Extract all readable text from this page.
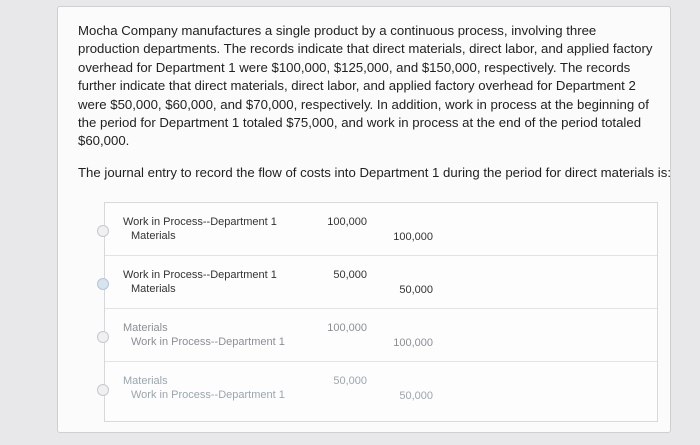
Mocha Company manufactures a single product by a continuous process, involving three production departments. The records indicate that direct materials, direct labor, and applied factory overhead for Department 1 were $100,000, $125,000, and $150,000, respectively. The records further indicate that direct materials, direct labor, and applied factory overhead for Department 2 were $50,000, $60,000, and $70,000, respectively. In addition, work in process at the beginning of the period for Department 1 totaled $75,000, and work in process at the end of the period totaled $60,000.

The journal entry to record the flow of costs into Department 1 during the period for direct materials is:

Work in Process--Department 1
Materials
100,000
100,000
Work in Process--Department 1
Materials
50,000
50,000
Materials
Work in Process--Department 1
100,000
100,000
Materials
Work in Process--Department 1
50,000
50,000
